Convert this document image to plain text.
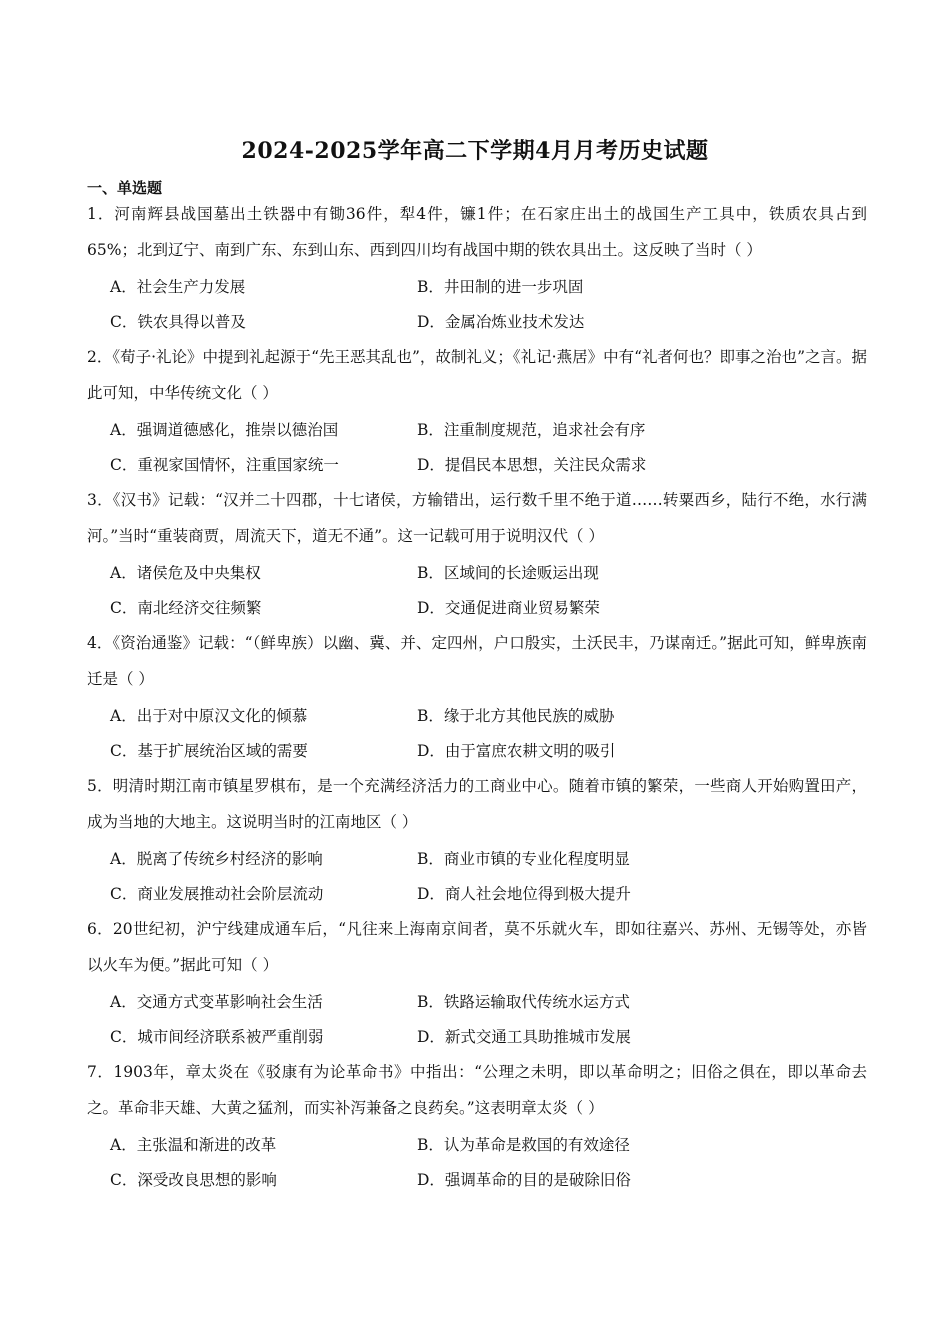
2024-2025学年高二下学期4月月考历史试题
一、单选题

1．河南辉县战国墓出土铁器中有锄36件，犁4件，镰1件；在石家庄出土的战国生产工具中，铁质农具占到65%；北到辽宁、南到广东、东到山东、西到四川均有战国中期的铁农具出土。这反映了当时（ ）

A．社会生产力发展	B．井田制的进一步巩固
C．铁农具得以普及	D．金属冶炼业技术发达

2．《荀子·礼论》中提到礼起源于“先王恶其乱也”，故制礼义；《礼记·燕居》中有“礼者何也？即事之治也”之言。据此可知，中华传统文化（ ）

A．强调道德感化，推崇以德治国	B．注重制度规范，追求社会有序
C．重视家国情怀，注重国家统一	D．提倡民本思想，关注民众需求

3．《汉书》记载：“汉并二十四郡，十七诸侯，方输错出，运行数千里不绝于道……转粟西乡，陆行不绝，水行满河。”当时“重装商贾，周流天下，道无不通”。这一记载可用于说明汉代（ ）

A．诸侯危及中央集权	B．区域间的长途贩运出现
C．南北经济交往频繁	D．交通促进商业贸易繁荣

4．《资治通鉴》记载：“（鲜卑族）以幽、冀、并、定四州，户口殷实，土沃民丰，乃谋南迁。”据此可知，鲜卑族南迁是（ ）

A．出于对中原汉文化的倾慕	B．缘于北方其他民族的威胁
C．基于扩展统治区域的需要	D．由于富庶农耕文明的吸引

5．明清时期江南市镇星罗棋布，是一个充满经济活力的工商业中心。随着市镇的繁荣，一些商人开始购置田产，成为当地的大地主。这说明当时的江南地区（ ）

A．脱离了传统乡村经济的影响	B．商业市镇的专业化程度明显
C．商业发展推动社会阶层流动	D．商人社会地位得到极大提升

6．20世纪初，沪宁线建成通车后，“凡往来上海南京间者，莫不乐就火车，即如往嘉兴、苏州、无锡等处，亦皆以火车为便。”据此可知（ ）

A．交通方式变革影响社会生活	B．铁路运输取代传统水运方式
C．城市间经济联系被严重削弱	D．新式交通工具助推城市发展

7．1903年，章太炎在《驳康有为论革命书》中指出：“公理之未明，即以革命明之；旧俗之俱在，即以革命去之。革命非天雄、大黄之猛剂，而实补泻兼备之良药矣。”这表明章太炎（ ）

A．主张温和渐进的改革	B．认为革命是救国的有效途径
C．深受改良思想的影响	D．强调革命的目的是破除旧俗
